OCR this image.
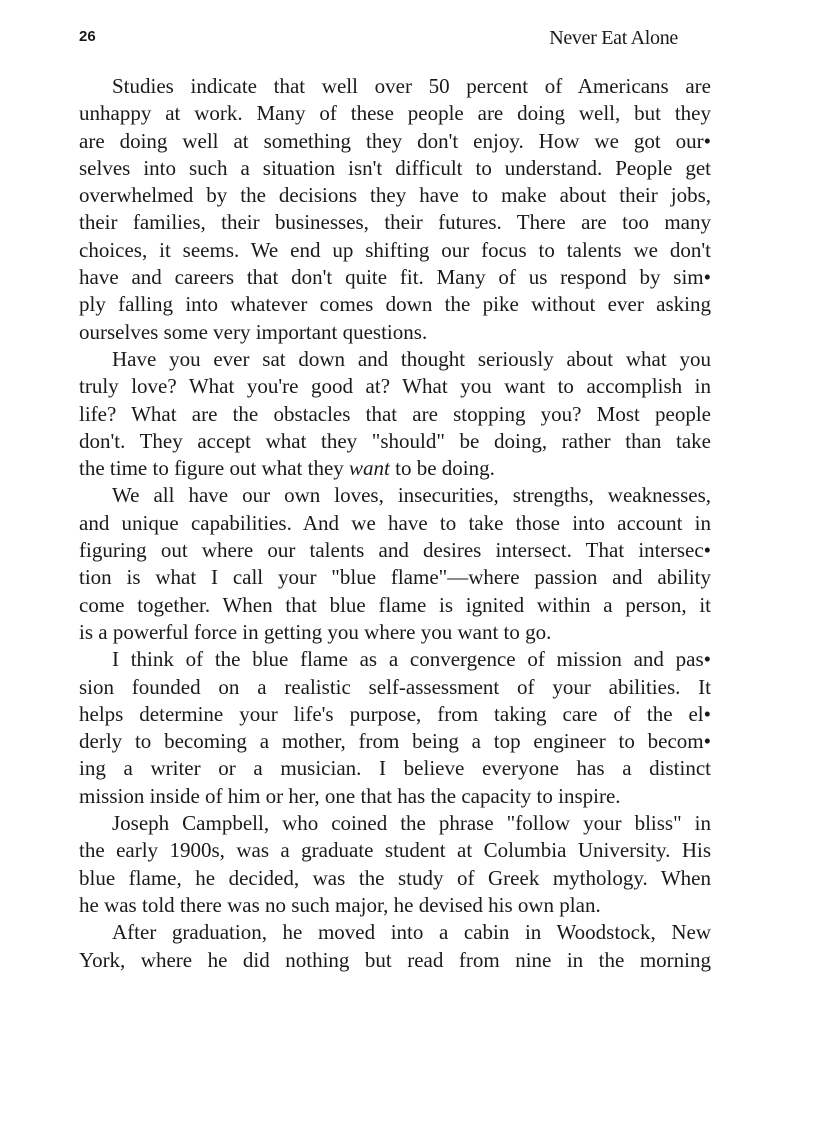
26	Never Eat Alone

Studies indicate that well over 50 percent of Americans are
unhappy at work. Many of these people are doing well, but they
are doing well at something they don't enjoy. How we got our•
selves into such a situation isn't difficult to understand. People get
overwhelmed by the decisions they have to make about their jobs,
their families, their businesses, their futures. There are too many
choices, it seems. We end up shifting our focus to talents we don't
have and careers that don't quite fit. Many of us respond by sim•
ply falling into whatever comes down the pike without ever asking
ourselves some very important questions.

Have you ever sat down and thought seriously about what you
truly love? What you're good at? What you want to accomplish in
life? What are the obstacles that are stopping you? Most people
don't. They accept what they "should" be doing, rather than take
the time to figure out what they want to be doing.

We all have our own loves, insecurities, strengths, weaknesses,
and unique capabilities. And we have to take those into account in
figuring out where our talents and desires intersect. That intersec•
tion is what I call your "blue flame"—where passion and ability
come together. When that blue flame is ignited within a person, it
is a powerful force in getting you where you want to go.

I think of the blue flame as a convergence of mission and pas•
sion founded on a realistic self-assessment of your abilities. It
helps determine your life's purpose, from taking care of the el•
derly to becoming a mother, from being a top engineer to becom•
ing a writer or a musician. I believe everyone has a distinct
mission inside of him or her, one that has the capacity to inspire.

Joseph Campbell, who coined the phrase "follow your bliss" in
the early 1900s, was a graduate student at Columbia University. His
blue flame, he decided, was the study of Greek mythology. When
he was told there was no such major, he devised his own plan.

After graduation, he moved into a cabin in Woodstock, New
York, where he did nothing but read from nine in the morning
